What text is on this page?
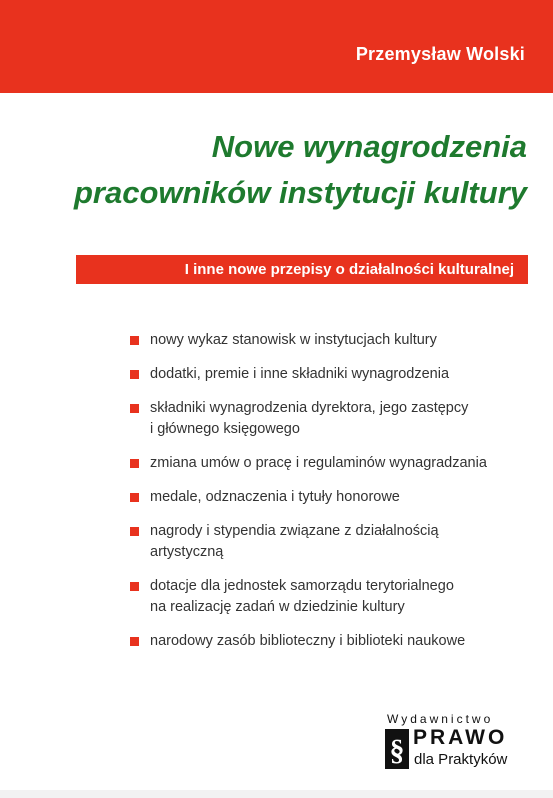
Przemysław Wolski
Nowe wynagrodzenia
pracowników instytucji kultury
I inne nowe przepisy o działalności kulturalnej
nowy wykaz stanowisk w instytucjach kultury
dodatki, premie i inne składniki wynagrodzenia
składniki wynagrodzenia dyrektora, jego zastępcy
i głównego księgowego
zmiana umów o pracę i regulaminów wynagradzania
medale, odznaczenia i tytuły honorowe
nagrody i stypendia związane z działalnością
artystyczną
dotacje dla jednostek samorządu terytorialnego
na realizację zadań w dziedzinie kultury
narodowy zasób biblioteczny i biblioteki naukowe
Wydawnictwo
§ PRAWO
dla Praktyków
